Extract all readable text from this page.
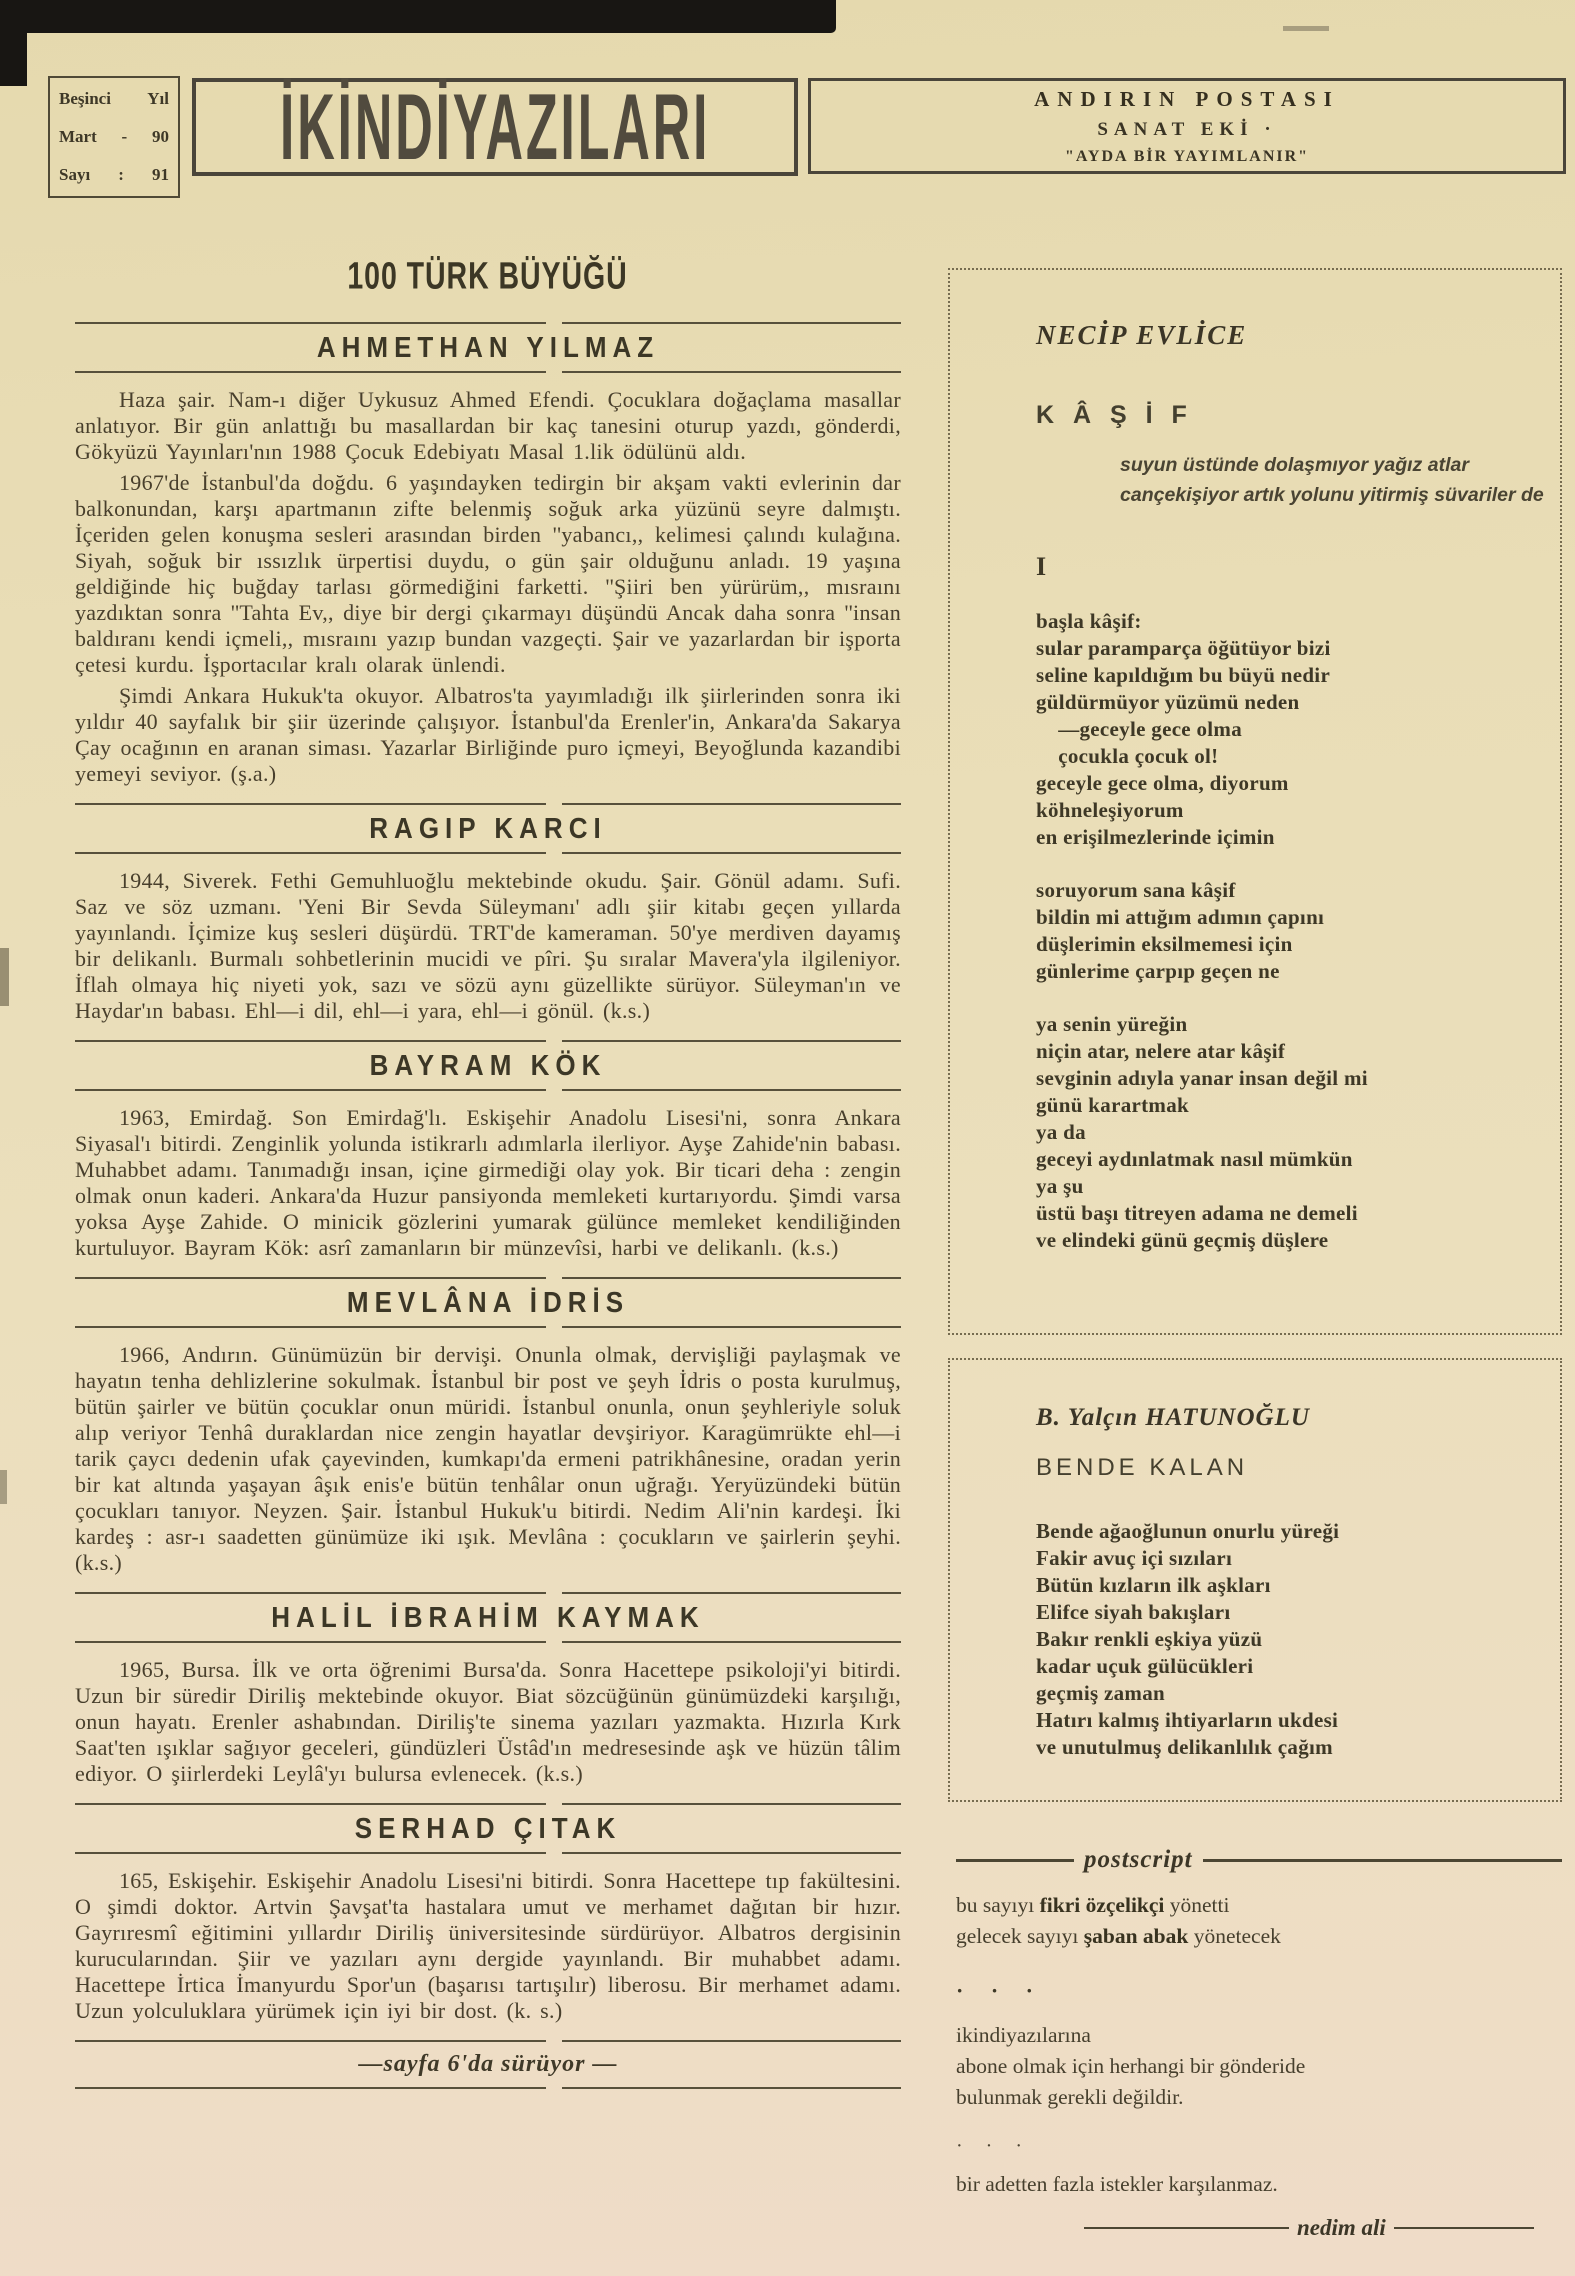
Beşinci Yıl
Mart - 90
Sayı : 91 İKİNDİYAZILARI	ANDIRIN POSTASI
SANAT EKİ ·
"AYDA BİR YAYIMLANIR"
100 TÜRK BÜYÜĞÜ
AHMETHAN YILMAZ

Haza şair. Nam-ı diğer Uykusuz Ahmed Efendi. Çocuklara doğaçlama masallar anlatıyor. Bir gün anlattığı bu masallardan bir kaç tanesini oturup yazdı, gönderdi, Gökyüzü Yayınları'nın 1988 Çocuk Edebiyatı Masal 1.lik ödülünü aldı.

1967'de İstanbul'da doğdu. 6 yaşındayken tedirgin bir akşam vakti evlerinin dar balkonundan, karşı apartmanın zifte belenmiş soğuk arka yüzünü seyre dalmıştı. İçeriden gelen konuşma sesleri arasından birden ''yabancı,, kelimesi çalındı kulağına. Siyah, soğuk bir ıssızlık ürpertisi duydu, o gün şair olduğunu anladı. 19 yaşına geldiğinde hiç buğday tarlası görmediğini farketti. ''Şiiri ben yürürüm,, mısraını yazdıktan sonra ''Tahta Ev,, diye bir dergi çıkarmayı düşündü Ancak daha sonra ''insan baldıranı kendi içmeli,, mısraını yazıp bundan vazgeçti. Şair ve yazarlardan bir işporta çetesi kurdu. İşportacılar kralı olarak ünlendi.

Şimdi Ankara Hukuk'ta okuyor. Albatros'ta yayımladığı ilk şiirlerinden sonra iki yıldır 40 sayfalık bir şiir üzerinde çalışıyor. İstanbul'da Erenler'in, Ankara'da Sakarya Çay ocağının en aranan siması. Yazarlar Birliğinde puro içmeyi, Beyoğlunda kazandibi yemeyi seviyor. (ş.a.)

RAGIP KARCI

1944, Siverek. Fethi Gemuhluoğlu mektebinde okudu. Şair. Gönül adamı. Sufi. Saz ve söz uzmanı. 'Yeni Bir Sevda Süleymanı' adlı şiir kitabı geçen yıllarda yayınlandı. İçimize kuş sesleri düşürdü. TRT'de kameraman. 50'ye merdiven dayamış bir delikanlı. Burmalı sohbetlerinin mucidi ve pîri. Şu sıralar Mavera'yla ilgileniyor. İflah olmaya hiç niyeti yok, sazı ve sözü aynı güzellikte sürüyor. Süleyman'ın ve Haydar'ın babası. Ehl—i dil, ehl—i yara, ehl—i gönül. (k.s.)

BAYRAM KÖK

1963, Emirdağ. Son Emirdağ'lı. Eskişehir Anadolu Lisesi'ni, sonra Ankara Siyasal'ı bitirdi. Zenginlik yolunda istikrarlı adımlarla ilerliyor. Ayşe Zahide'nin babası. Muhabbet adamı. Tanımadığı insan, içine girmediği olay yok. Bir ticari deha : zengin olmak onun kaderi. Ankara'da Huzur pansiyonda memleketi kurtarıyordu. Şimdi varsa yoksa Ayşe Zahide. O minicik gözlerini yumarak gülünce memleket kendiliğinden kurtuluyor. Bayram Kök: asrî zamanların bir münzevîsi, harbi ve delikanlı. (k.s.)

MEVLÂNA İDRİS

1966, Andırın. Günümüzün bir dervişi. Onunla olmak, dervişliği paylaşmak ve hayatın tenha dehlizlerine sokulmak. İstanbul bir post ve şeyh İdris o posta kurulmuş, bütün şairler ve bütün çocuklar onun müridi. İstanbul onunla, onun şeyhleriyle soluk alıp veriyor Tenhâ duraklardan nice zengin hayatlar devşiriyor. Karagümrükte ehl—i tarik çaycı dedenin ufak çayevinden, kumkapı'da ermeni patrikhânesine, oradan yerin bir kat altında yaşayan âşık enis'e bütün tenhâlar onun uğrağı. Yeryüzündeki bütün çocukları tanıyor. Neyzen. Şair. İstanbul Hukuk'u bitirdi. Nedim Ali'nin kardeşi. İki kardeş : asr-ı saadetten günümüze iki ışık. Mevlâna : çocukların ve şairlerin şeyhi. (k.s.)

HALİL İBRAHİM KAYMAK

1965, Bursa. İlk ve orta öğrenimi Bursa'da. Sonra Hacettepe psikoloji'yi bitirdi. Uzun bir süredir Diriliş mektebinde okuyor. Biat sözcüğünün günümüzdeki karşılığı, onun hayatı. Erenler ashabından. Diriliş'te sinema yazıları yazmakta. Hızırla Kırk Saat'ten ışıklar sağıyor geceleri, gündüzleri Üstâd'ın medresesinde aşk ve hüzün tâlim ediyor. O şiirlerdeki Leylâ'yı bulursa evlenecek. (k.s.)

SERHAD ÇITAK

165, Eskişehir. Eskişehir Anadolu Lisesi'ni bitirdi. Sonra Hacettepe tıp fakültesini. O şimdi doktor. Artvin Şavşat'ta hastalara umut ve merhamet dağıtan bir hızır. Gayrıresmî eğitimini yıllardır Diriliş üniversitesinde sürdürüyor. Albatros dergisinin kurucularından. Şiir ve yazıları aynı dergide yayınlandı. Bir muhabbet adamı. Hacettepe İrtica İmanyurdu Spor'un (başarısı tartışılır) liberosu. Bir merhamet adamı. Uzun yolculuklara yürümek için iyi bir dost. (k. s.)

—sayfa 6'da sürüyor —
NECİP EVLİCE
K Â Ş İ F
suyun üstünde dolaşmıyor yağız atlar
cançekişiyor artık yolunu yitirmiş süvariler de
I
başla kâşif:
sular paramparça öğütüyor bizi
seline kapıldığım bu büyü nedir
güldürmüyor yüzümü neden
—geceyle gece olma
çocukla çocuk ol!
geceyle gece olma, diyorum
köhneleşiyorum
en erişilmezlerinde içimin
soruyorum sana kâşif
bildin mi attığım adımın çapını
düşlerimin eksilmemesi için
günlerime çarpıp geçen ne
ya senin yüreğin
niçin atar, nelere atar kâşif
sevginin adıyla yanar insan değil mi
günü karartmak
ya da
geceyi aydınlatmak nasıl mümkün
ya şu
üstü başı titreyen adama ne demeli
ve elindeki günü geçmiş düşlere
B. Yalçın HATUNOĞLU
BENDE KALAN
Bende ağaoğlunun onurlu yüreği
Fakir avuç içi sızıları
Bütün kızların ilk aşkları
Elifce siyah bakışları
Bakır renkli eşkiya yüzü
kadar uçuk gülücükleri
geçmiş zaman
Hatırı kalmış ihtiyarların ukdesi
ve unutulmuş delikanlılık çağım
postscript

bu sayıyı fikri özçelikçi yönetti

gelecek sayıyı şaban abak yönetecek

· · ·

ikindiyazılarına

abone olmak için herhangi bir gönderide

bulunmak gerekli değildir.

· · ·

bir adetten fazla istekler karşılanmaz.

nedim ali
